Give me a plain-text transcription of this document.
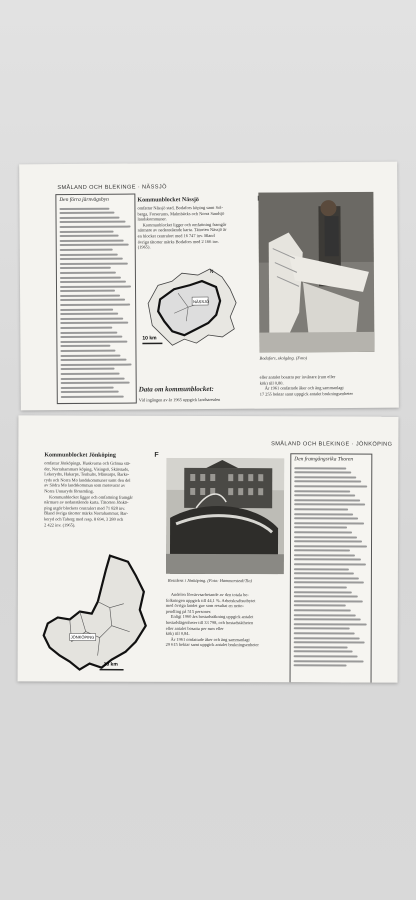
SMÅLAND OCH BLEKINGE · NÄSSJÖ
Den förra järnvägsbyn	Kommunblocket Nässjö
omfattar Nässjö stad, Bodafors köping samt Sol-
berga, Forserums, Malmbäcks och Norra Sandsjö
landskommuner.
Kommunblocket ligger och omfattning framgår
närmare av nedanstående karta. Tätorten Nässjö är
en blocket centralort med 16 747 inv. Bland
övriga tätorter märks Bodafors med 2 166 inv.
(1965).
NÄSSJÖ
N
10 km
Data om kommunblocket:
Vid ingången av år 1965 uppgick landsarealen
Bodafors, skolgång. (Foto)
eller antalet bosatta per invånare (rum eller
kök) till 0,80.
År 1961 omfattade åker och äng sammanlagt
17 255 hektar samt uppgick antalet brukningsenheter
SMÅLAND OCH BLEKINGE · JÖNKÖPING
Kommunblocket Jönköping	F
omfattar Jönköpings, Huskvarna och Gränna stä-
der, Norrahammars köping, Visingsö, Skärstads,
Lekerydts, Hakarps, Tenhults, Månsarps, Barke-
ryds och Norra Mo landskommuner samt den del
av Södra Mo landskommun som motsvarar av
Norra Unnaryds församling.
Kommunblocket ligger och omfattning framgår
närmare av nedanstående karta. Tätorten Jönkö-
ping utgör blockets centralort med 71 828 inv.
Bland övriga tätorter märks Norrahammar, Bar-
keryd och Taberg med resp. 8 694, 3 280 och
2 422 inv. (1965).
JÖNKÖPING
10 km
Residens i Jönköping. (Foto: Hammarstedt/Tio)
Andelen förvärvsarbetande av den totala be-
folkningen uppgick till 44,1 %. Arbetskraftsutbytet
med övriga landet gav som resultat en netto-
pendling på 515 personer.
Enligt 1960 års bostadsräkning uppgick antalet
bostadslägenheter till 33 798, och bostadstätheten
eller antalet bosatta per rum eller
kök) till 0,84.
År 1961 omfattade åker och äng sammanlagt
29 615 hektar samt uppgick antalet brukningsenheter
Den framgångsrika Thoren
